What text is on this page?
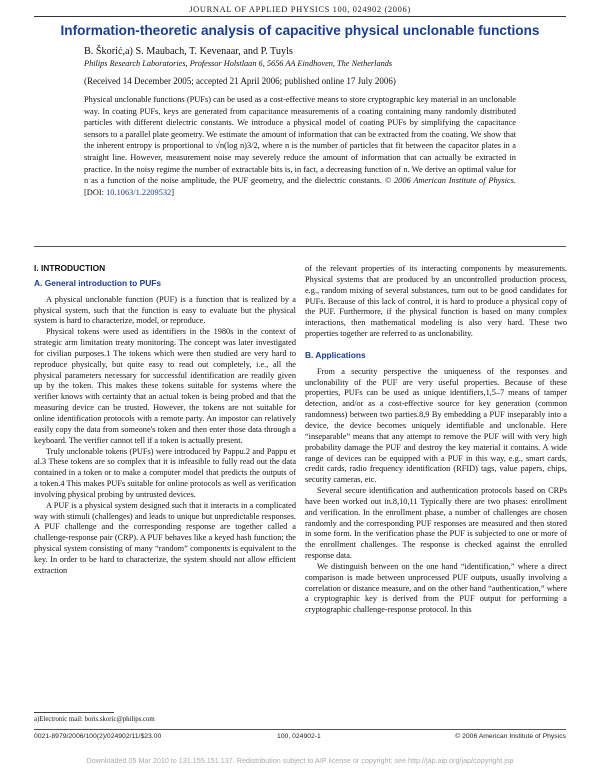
JOURNAL OF APPLIED PHYSICS 100, 024902 (2006)
Information-theoretic analysis of capacitive physical unclonable functions
B. Škorić,a) S. Maubach, T. Kevenaar, and P. Tuyls
Philips Research Laboratories, Professor Holstlaan 6, 5656 AA Eindhoven, The Netherlands
(Received 14 December 2005; accepted 21 April 2006; published online 17 July 2006)
Physical unclonable functions (PUFs) can be used as a cost-effective means to store cryptographic key material in an unclonable way. In coating PUFs, keys are generated from capacitance measurements of a coating containing many randomly distributed particles with different dielectric constants. We introduce a physical model of coating PUFs by simplifying the capacitance sensors to a parallel plate geometry. We estimate the amount of information that can be extracted from the coating. We show that the inherent entropy is proportional to √n(log n)3/2, where n is the number of particles that fit between the capacitor plates in a straight line. However, measurement noise may severely reduce the amount of information that can actually be extracted in practice. In the noisy regime the number of extractable bits is, in fact, a decreasing function of n. We derive an optimal value for n as a function of the noise amplitude, the PUF geometry, and the dielectric constants. © 2006 American Institute of Physics. [DOI: 10.1063/1.2209532]
I. INTRODUCTION
A. General introduction to PUFs

A physical unclonable function (PUF) is a function that is realized by a physical system, such that the function is easy to evaluate but the physical system is hard to characterize, model, or reproduce.

Physical tokens were used as identifiers in the 1980s in the context of strategic arm limitation treaty monitoring. The concept was later investigated for civilian purposes.1 The tokens which were then studied are very hard to reproduce physically, but quite easy to read out completely, i.e., all the physical parameters necessary for successful identification are readily given up by the token. This makes these tokens suitable for systems where the verifier knows with certainty that an actual token is being probed and that the measuring device can be trusted. However, the tokens are not suitable for online identification protocols with a remote party. An impostor can relatively easily copy the data from someone's token and then enter those data through a keyboard. The verifier cannot tell if a token is actually present.

Truly unclonable tokens (PUFs) were introduced by Pappu.2 and Pappu et al.3 These tokens are so complex that it is infeasible to fully read out the data contained in a token or to make a computer model that predicts the outputs of a token.4 This makes PUFs suitable for online protocols as well as verification involving physical probing by untrusted devices.

A PUF is a physical system designed such that it interacts in a complicated way with stimuli (challenges) and leads to unique but unpredictable responses. A PUF challenge and the corresponding response are together called a challenge-response pair (CRP). A PUF behaves like a keyed hash function; the physical system consisting of many “random” components is equivalent to the key. In order to be hard to characterize, the system should not allow efficient extraction

of the relevant properties of its interacting components by measurements. Physical systems that are produced by an uncontrolled production process, e.g., random mixing of several substances, turn out to be good candidates for PUFs. Because of this lack of control, it is hard to produce a physical copy of the PUF. Furthermore, if the physical function is based on many complex interactions, then mathematical modeling is also very hard. These two properties together are referred to as unclonability.

B. Applications

From a security perspective the uniqueness of the responses and unclonability of the PUF are very useful properties. Because of these properties, PUFs can be used as unique identifiers,1,5–7 means of tamper detection, and/or as a cost-effective source for key generation (common randomness) between two parties.8,9 By embedding a PUF inseparably into a device, the device becomes uniquely identifiable and unclonable. Here “inseparable” means that any attempt to remove the PUF will with very high probability damage the PUF and destroy the key material it contains. A wide range of devices can be equipped with a PUF in this way, e.g., smart cards, credit cards, radio frequency identification (RFID) tags, value papers, chips, security cameras, etc.

Several secure identification and authentication protocols based on CRPs have been worked out in.8,10,11 Typically there are two phases: enrollment and verification. In the enrollment phase, a number of challenges are chosen randomly and the corresponding PUF responses are measured and then stored in some form. In the verification phase the PUF is subjected to one or more of the enrollment challenges. The response is checked against the enrolled response data.

We distinguish between on the one hand “identification,” where a direct comparison is made between unprocessed PUF outputs, usually involving a correlation or distance measure, and on the other hand “authentication,” where a cryptographic key is derived from the PUF output for performing a cryptographic challenge-response protocol. In this

a)Electronic mail: boris.skoric@philips.com
0021-8979/2006/100(2)/024902/11/$23.00	100, 024902-1	© 2006 American Institute of Physics
Downloaded 05 Mar 2010 to 131.155.151.137. Redistribution subject to AIP license or copyright; see http://jap.aip.org/jap/copyright.jsp
